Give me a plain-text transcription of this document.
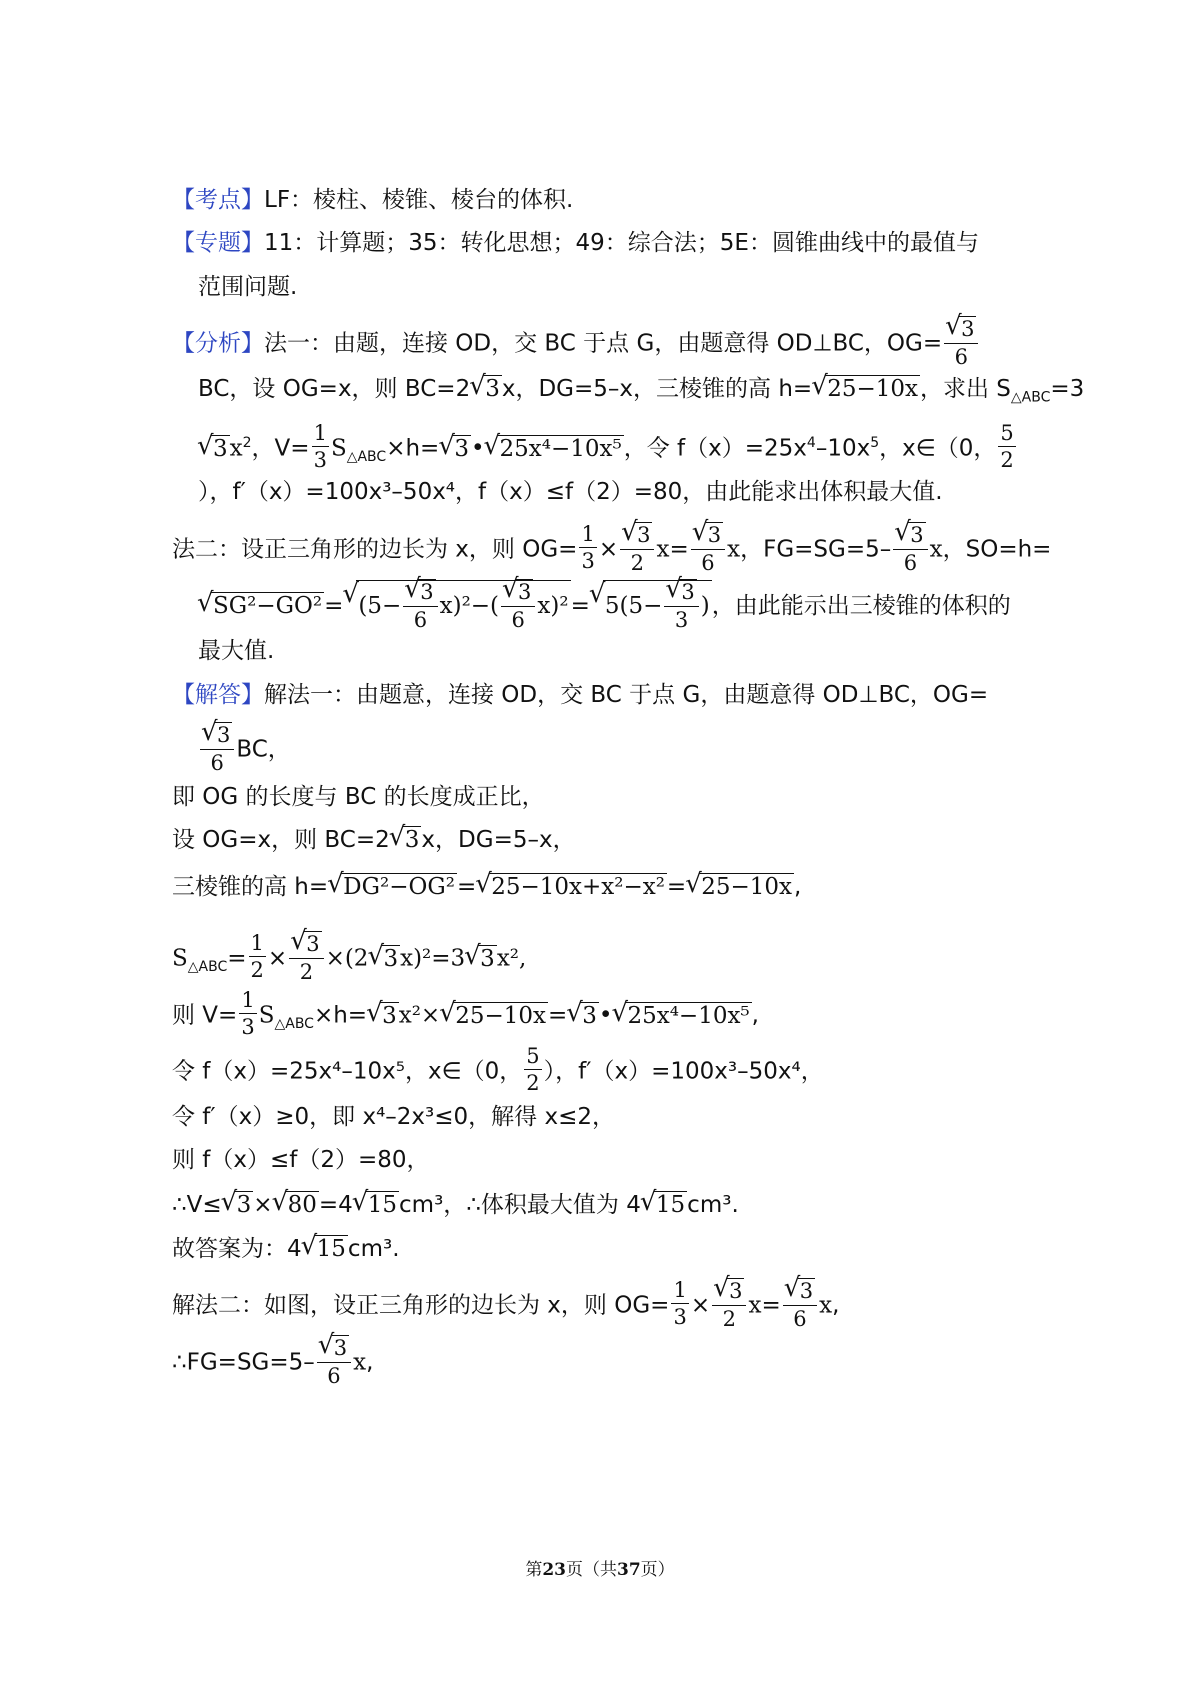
【考点】LF：棱柱、棱锥、棱台的体积.
【专题】11：计算题；35：转化思想；49：综合法；5E：圆锥曲线中的最值与
范围问题.
【分析】法一：由题，连接 OD，交 BC 于点 G，由题意得 OD⊥BC，OG=
√ $\frac{3}{6}$
BC，设 OG=x，则 BC=2√ 3x，DG=5–x，三棱锥的高 h=√ 25−10x，求出 $S_{\triangle ABC}=3$
√ $3x^2$，$V= \frac{1}{3} S_{\triangle ABC}\times h=√$ 3•√ 25x⁴−10x⁵，令 $f(x)=25x^4-10x^5$，x∈（0， $\frac{5}{2}$
），f′（x）=100x³–50x⁴，f（x）≤f（2）=80，由此能求出体积最大值.
法二：设正三角形的边长为 x，则 $OG= \frac{1}{3}$ ×
√ $\frac{3}{2} x=$
√ $\frac{3}{6}$ x，FG=SG=5–
√ $\frac{3}{6}$ x，SO=h=
√ SG²−GO²=√ (5−
√ $\frac{3}{6} x)^2-$(
√ $\frac{3}{6} x)^2=√$ 5(5−
√ $\frac{3}{3}$ )，由此能示出三棱锥的体积的
最大值.
【解答】解法一：由题意，连接 OD，交 BC 于点 G，由题意得 OD⊥BC，OG=
√ $\frac{3}{6}$ BC，
即 OG 的长度与 BC 的长度成正比，
设 OG=x，则 BC=2√ 3x，DG=5–x，
三棱锥的高 h=√ DG²−OG²=√ 25−10x+x²−x²=√ 25−10x,
$S_{\triangle ABC}= \frac{1}{2}$ ×
√ $\frac{3}{2} \times(2√$ 3x)²=3√ 3x²,
则 $V= \frac{1}{3} S_{\triangle ABC}\times h=√$ 3x²×√ 25−10x=√ 3•√ 25x⁴−10x⁵,
令 f（x）=25x⁴–10x⁵，x∈（0， $\frac{5}{2}$ ），f′（x）=100x³–50x⁴，
令 f′（x）≥0，即 x⁴–2x³≤0，解得 x≤2，
则 f（x）≤f（2）=80，
∴V≤√ 3×√ 80=4√ 15cm³，∴体积最大值为 4√ 15cm³.
故答案为：4√ 15cm³.
解法二：如图，设正三角形的边长为 x，则 $OG= \frac{1}{3}$ ×
√ $\frac{3}{2} x=$
√ $\frac{3}{6} x$,
∴FG=SG=5–
√ $\frac{3}{6} x$,
第23页（共37页）
